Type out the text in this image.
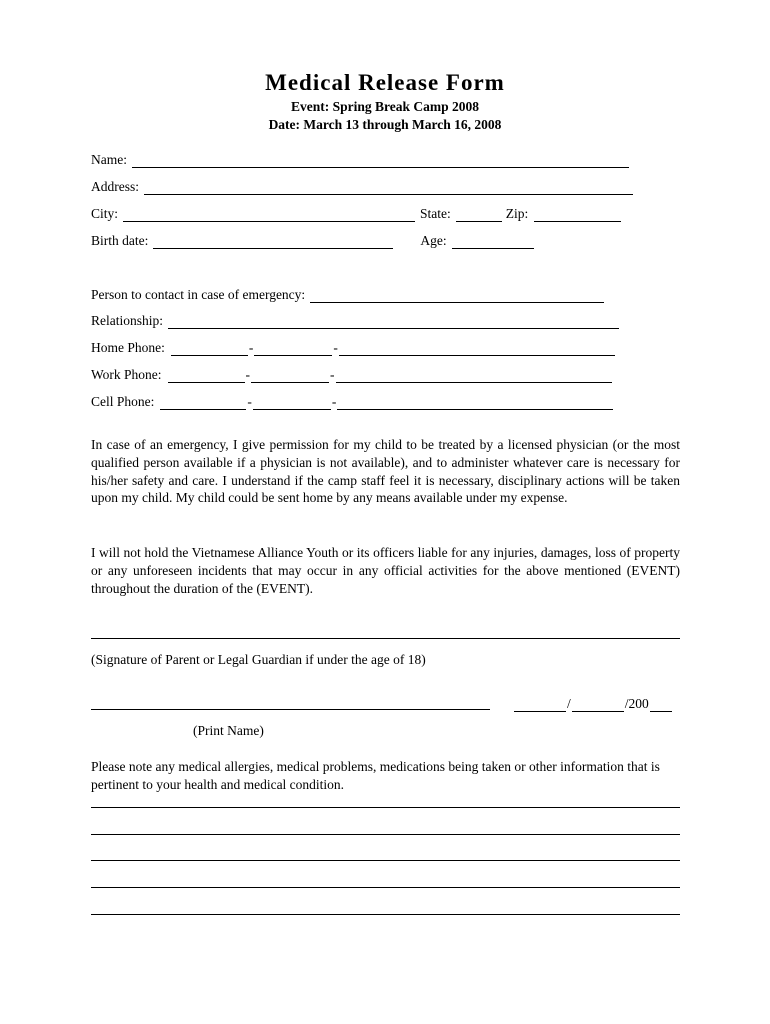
Medical Release Form
Event: Spring Break Camp 2008
Date: March 13 through March 16, 2008
Name:
Address:
City:	State:	Zip:
Birth date:	Age:
Person to contact in case of emergency:
Relationship:
Home Phone:	-	-
Work Phone:	-	-
Cell Phone:	-	-
In case of an emergency, I give permission for my child to be treated by a licensed physician (or the most qualified person available if a physician is not available), and to administer whatever care is necessary for his/her safety and care. I understand if the camp staff feel it is necessary, disciplinary actions will be taken upon my child. My child could be sent home by any means available under my expense.
I will not hold the Vietnamese Alliance Youth or its officers liable for any injuries, damages, loss of property or any unforeseen incidents that may occur in any official activities for the above mentioned (EVENT) throughout the duration of the (EVENT).
(Signature of Parent or Legal Guardian if under the age of 18)
/	/200
(Print Name)
Please note any medical allergies, medical problems, medications being taken or other information that is pertinent to your health and medical condition.
